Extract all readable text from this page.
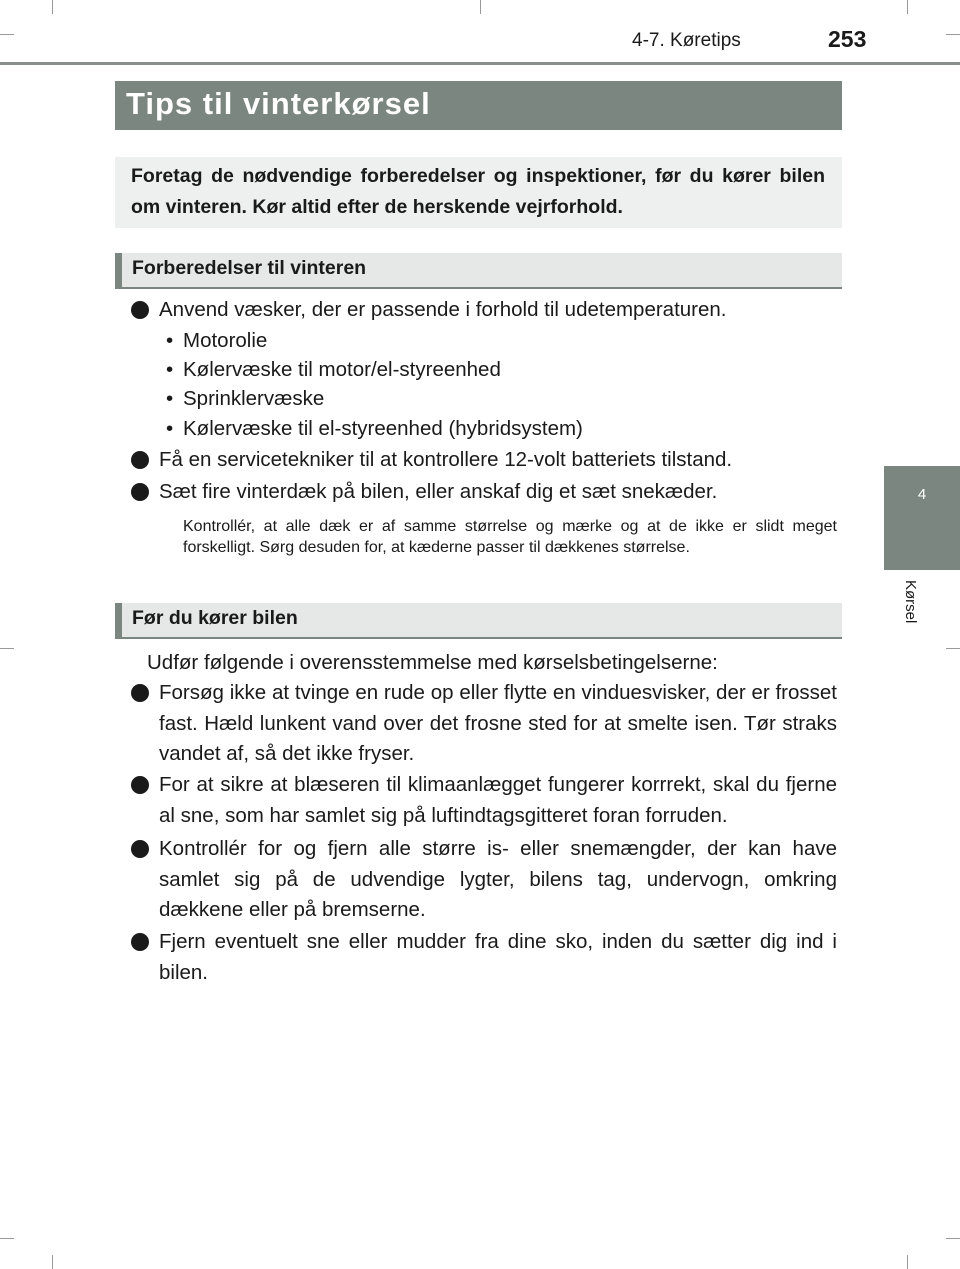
4-7. Køretips	253
4
Kørsel
Tips til vinterkørsel

Foretag de nødvendige forberedelser og inspektioner, før du kører bilen om vinteren. Kør altid efter de herskende vejrforhold.

Forberedelser til vinteren
Anvend væsker, der er passende i forhold til udetemperaturen.
• Motorolie
• Kølervæske til motor/el-styreenhed
• Sprinklervæske
• Kølervæske til el-styreenhed (hybridsystem)
Få en servicetekniker til at kontrollere 12-volt batteriets tilstand.
Sæt fire vinterdæk på bilen, eller anskaf dig et sæt snekæder.
Kontrollér, at alle dæk er af samme størrelse og mærke og at de ikke er slidt meget forskelligt. Sørg desuden for, at kæderne passer til dækkenes størrelse.
Før du kører bilen
Udfør følgende i overensstemmelse med kørselsbetingelserne:
Forsøg ikke at tvinge en rude op eller flytte en vinduesvisker, der er frosset fast. Hæld lunkent vand over det frosne sted for at smelte isen. Tør straks vandet af, så det ikke fryser.
For at sikre at blæseren til klimaanlægget fungerer korrrekt, skal du fjerne al sne, som har samlet sig på luftindtagsgitteret foran forruden.
Kontrollér for og fjern alle større is- eller snemængder, der kan have samlet sig på de udvendige lygter, bilens tag, undervogn, omkring dækkene eller på bremserne.
Fjern eventuelt sne eller mudder fra dine sko, inden du sætter dig ind i bilen.
